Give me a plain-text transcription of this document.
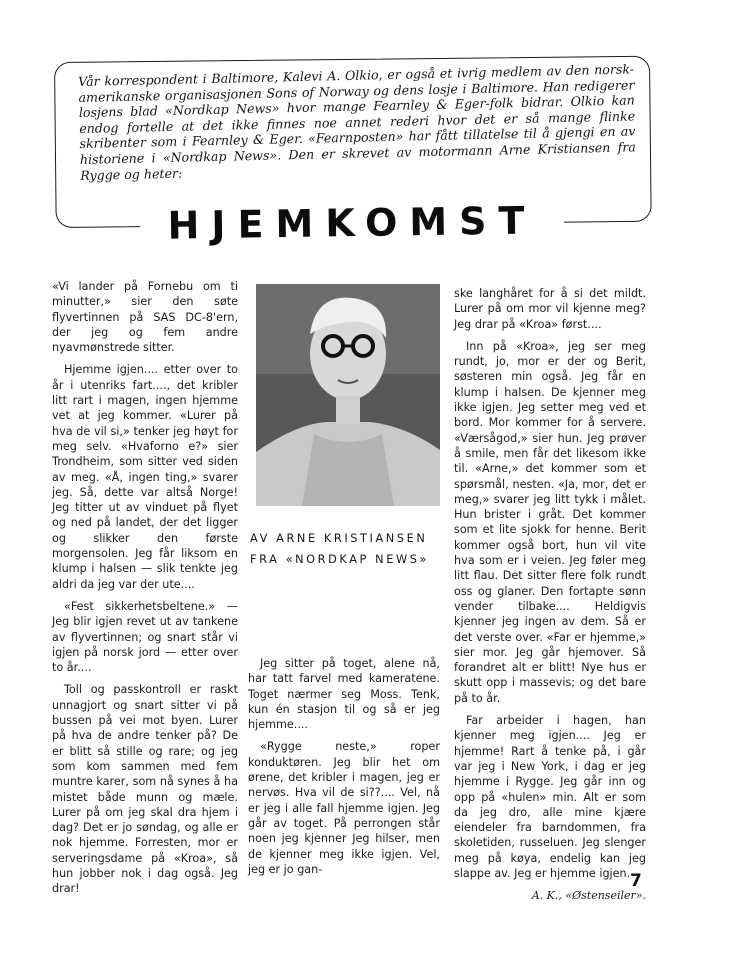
Vår korrespondent i Baltimore, Kalevi A. Olkio, er også et ivrig medlem av den norsk-amerikanske organisasjonen Sons of Norway og dens losje i Baltimore. Han redigerer losjens blad «Nordkap News» hvor mange Fearnley & Eger-folk bidrar. Olkio kan endog fortelle at det ikke finnes noe annet rederi hvor det er så mange flinke skribenter som i Fearnley & Eger. «Fearnposten» har fått tillatelse til å gjengi en av historiene i «Nordkap News». Den er skrevet av motormann Arne Kristiansen fra Rygge og heter:

HJEMKOMST

«Vi lander på Fornebu om ti minutter,» sier den søte flyvertinnen på SAS DC-8'ern, der jeg og fem andre nyavmønstrede sitter.

Hjemme igjen.... etter over to år i utenriks fart...., det kribler litt rart i magen, ingen hjemme vet at jeg kommer. «Lurer på hva de vil si,» tenker jeg høyt for meg selv. «Hvaforno e?» sier Trondheim, som sitter ved siden av meg. «Å, ingen ting,» svarer jeg. Så, dette var altså Norge! Jeg titter ut av vinduet på flyet og ned på landet, der det ligger og slikker den første morgensolen. Jeg får liksom en klump i halsen — slik tenkte jeg aldri da jeg var der ute....

«Fest sikkerhetsbeltene.» — Jeg blir igjen revet ut av tankene av flyvertinnen; og snart står vi igjen på norsk jord — etter over to år....

Toll og passkontroll er raskt unnagjort og snart sitter vi på bussen på vei mot byen. Lurer på hva de andre tenker på? De er blitt så stille og rare; og jeg som kom sammen med fem muntre karer, som nå synes å ha mistet både munn og mæle. Lurer på om jeg skal dra hjem i dag? Det er jo søndag, og alle er nok hjemme. Forresten, mor er serveringsdame på «Kroa», så hun jobber nok i dag også. Jeg drar!

AV ARNE KRISTIANSEN
FRA «NORDKAP NEWS»

Jeg sitter på toget, alene nå, har tatt farvel med kameratene. Toget nærmer seg Moss. Tenk, kun én stasjon til og så er jeg hjemme....

«Rygge neste,» roper konduktøren. Jeg blir het om ørene, det kribler i magen, jeg er nervøs. Hva vil de si??.... Vel, nå er jeg i alle fall hjemme igjen. Jeg går av toget. På perrongen står noen jeg kjenner Jeg hilser, men de kjenner meg ikke igjen. Vel, jeg er jo gan-

ske langhåret for å si det mildt. Lurer på om mor vil kjenne meg? Jeg drar på «Kroa» først....

Inn på «Kroa», jeg ser meg rundt, jo, mor er der og Berit, søsteren min også. Jeg får en klump i halsen. De kjenner meg ikke igjen. Jeg setter meg ved et bord. Mor kommer for å servere. «Værsågod,» sier hun. Jeg prøver å smile, men får det likesom ikke til. «Arne,» det kommer som et spørsmål, nesten. «Ja, mor, det er meg,» svarer jeg litt tykk i målet. Hun brister i gråt. Det kommer som et lite sjokk for henne. Berit kommer også bort, hun vil vite hva som er i veien. Jeg føler meg litt flau. Det sitter flere folk rundt oss og glaner. Den fortapte sønn vender tilbake.... Heldigvis kjenner jeg ingen av dem. Så er det verste over. «Far er hjemme,» sier mor. Jeg går hjemover. Så forandret alt er blitt! Nye hus er skutt opp i massevis; og det bare på to år.

Far arbeider i hagen, han kjenner meg igjen.... Jeg er hjemme! Rart å tenke på, i går var jeg i New York, i dag er jeg hjemme i Rygge. Jeg går inn og opp på «hulen» min. Alt er som da jeg dro, alle mine kjære eiendeler fra barndommen, fra skoletiden, russeluen. Jeg slenger meg på køya, endelig kan jeg slappe av. Jeg er hjemme igjen.

A. K., «Østenseiler».
7
